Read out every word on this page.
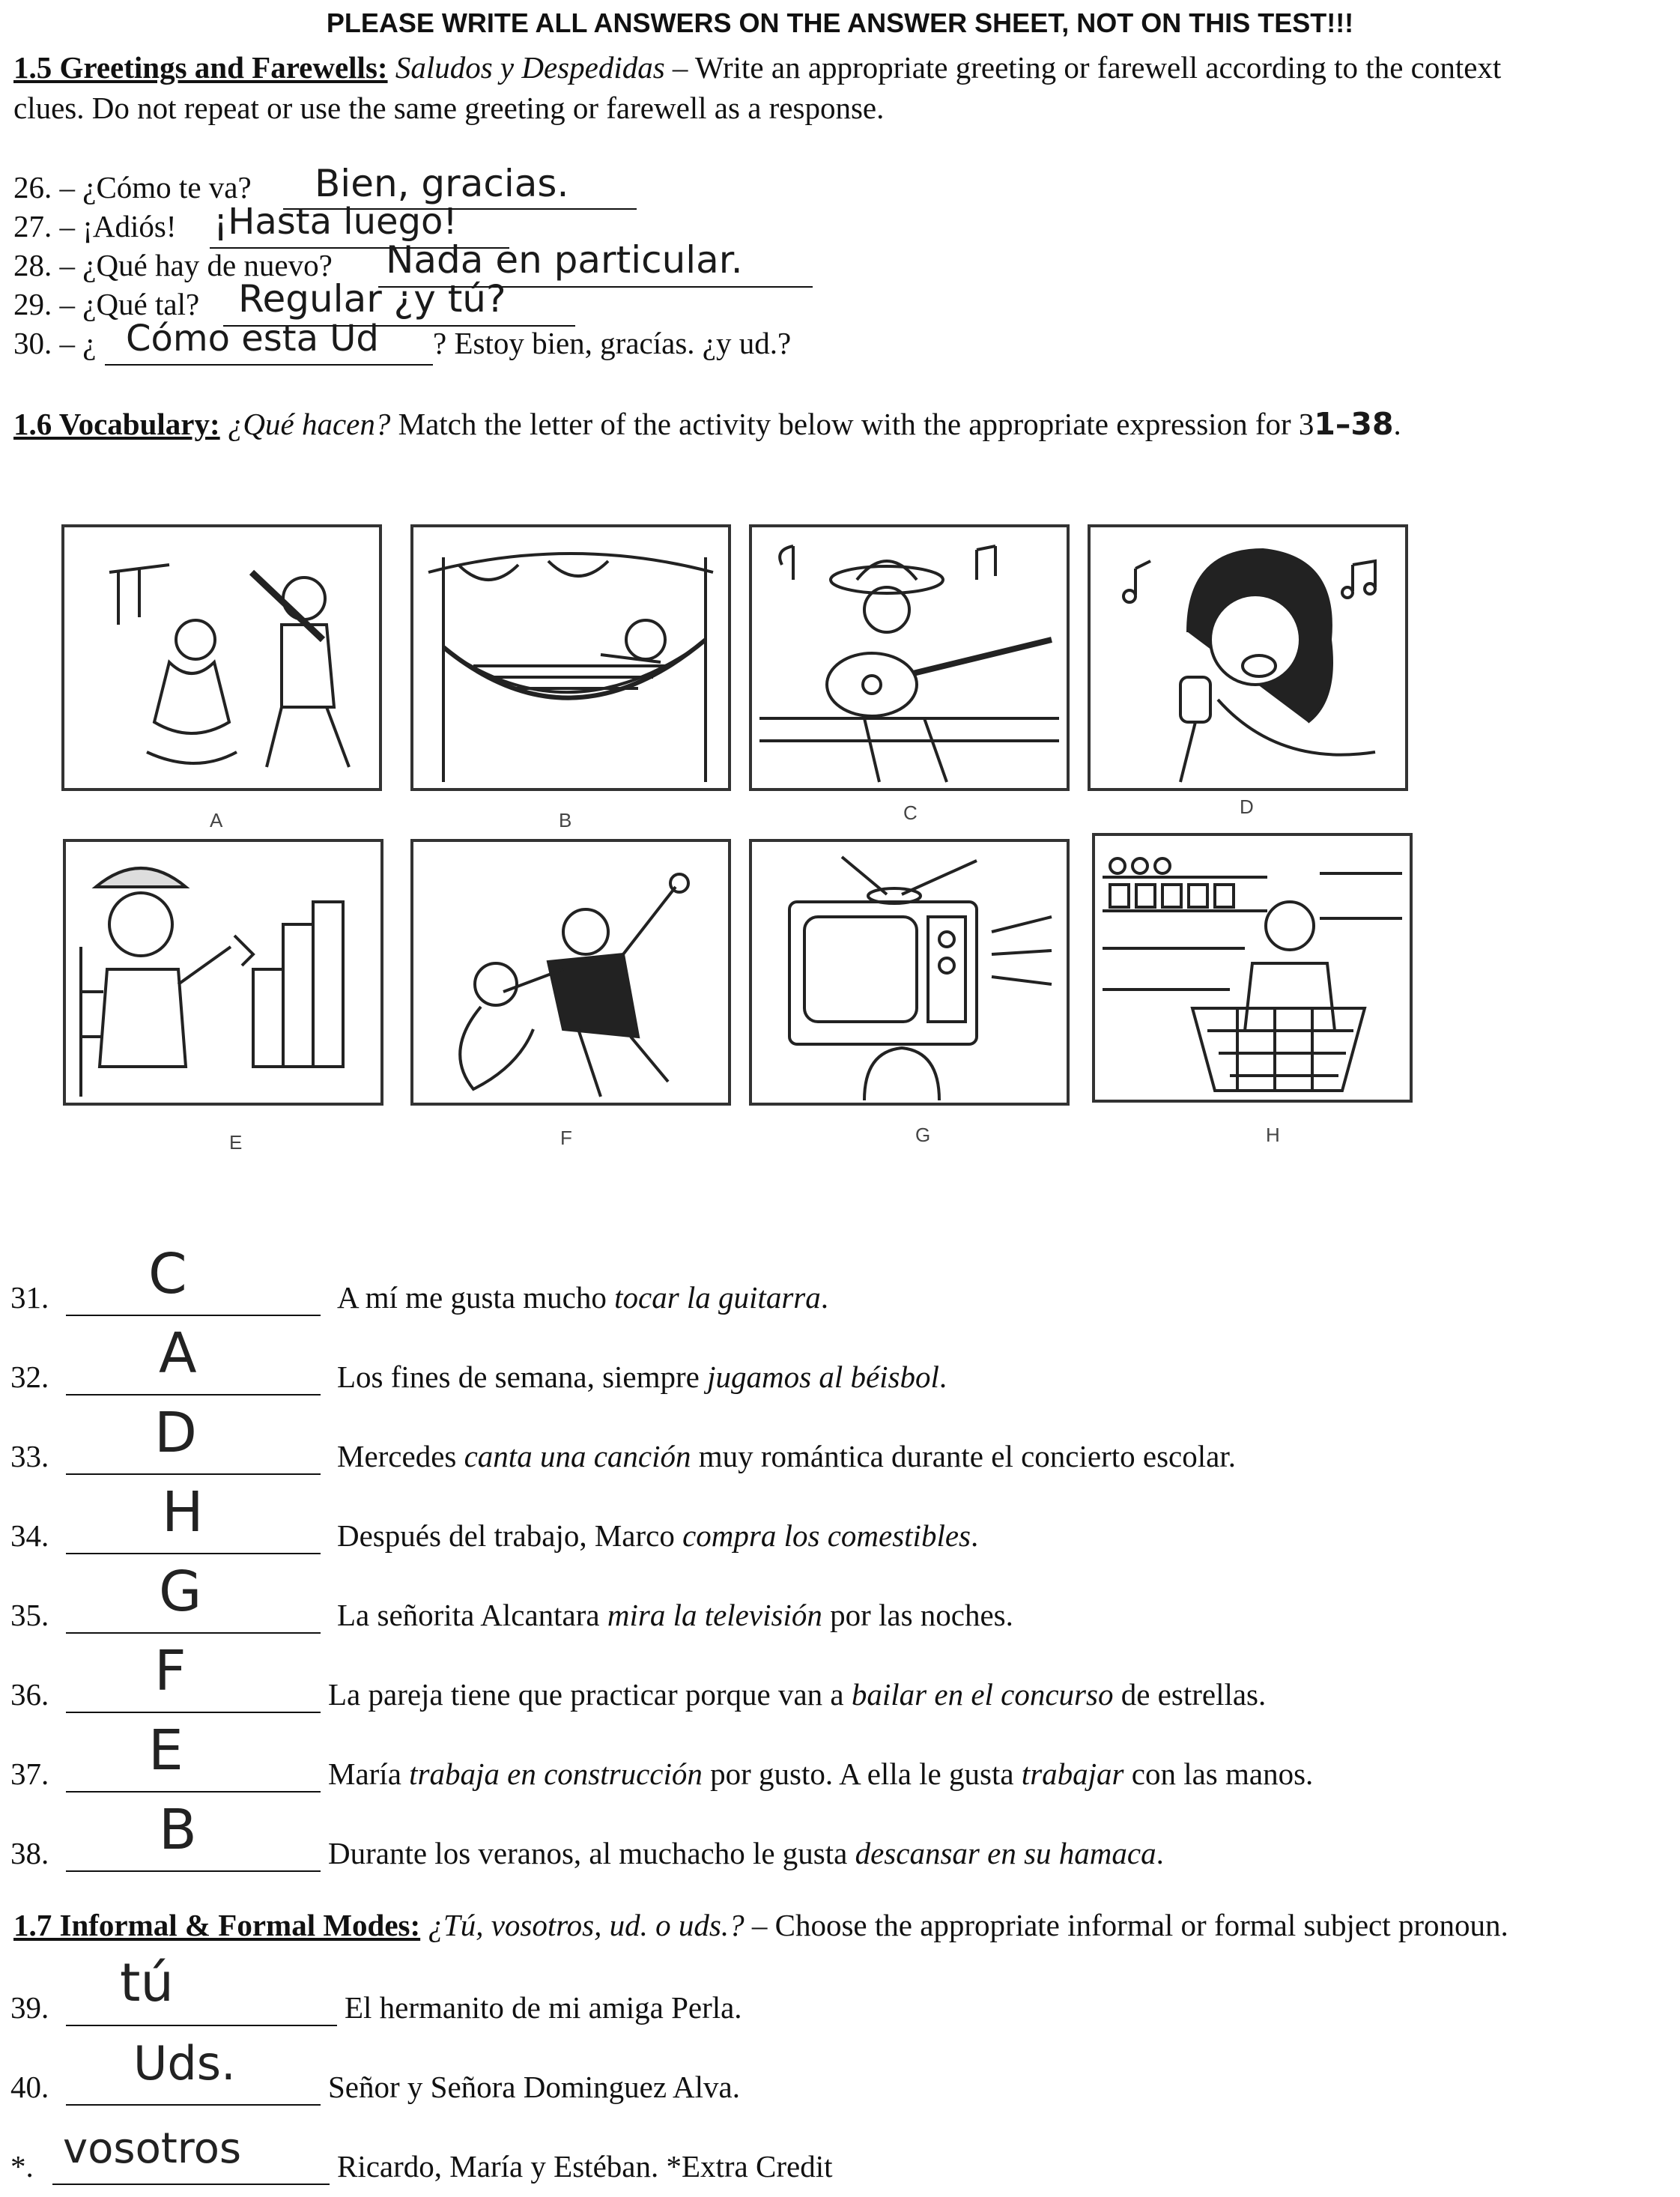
PLEASE WRITE ALL ANSWERS ON THE ANSWER SHEET, NOT ON THIS TEST!!!
1.5 Greetings and Farewells: Saludos y Despedidas – Write an appropriate greeting or farewell according to the context
clues. Do not repeat or use the same greeting or farewell as a response.
26. – ¿Cómo te va? Bien, gracias.
27. – ¡Adiós! ¡Hasta luego!
28. – ¿Qué hay de nuevo? Nada en particular.
29. – ¿Qué tal? Regular ¿y tú?
30. – ¿ Cómo esta Ud ? Estoy bien, gracías. ¿y ud.?
1.6 Vocabulary: ¿Qué hacen? Match the letter of the activity below with the appropriate expression for 31–38.
A	B	C	D
E	F	G	H
31. C	A mí me gusta mucho tocar la guitarra.
32. A	Los fines de semana, siempre jugamos al béisbol.
33. D	Mercedes canta una canción muy romántica durante el concierto escolar.
34. H	Después del trabajo, Marco compra los comestibles.
35. G	La señorita Alcantara mira la televisión por las noches.
36. F	La pareja tiene que practicar porque van a bailar en el concurso de estrellas.
37. E	María trabaja en construcción por gusto. A ella le gusta trabajar con las manos.
38. B	Durante los veranos, al muchacho le gusta descansar en su hamaca.
1.7 Informal & Formal Modes: ¿Tú, vosotros, ud. o uds.? – Choose the appropriate informal or formal subject pronoun.
39. tú	El hermanito de mi amiga Perla.
40. Uds.	Señor y Señora Dominguez Alva.
*. vosotros	Ricardo, María y Estéban. *Extra Credit
